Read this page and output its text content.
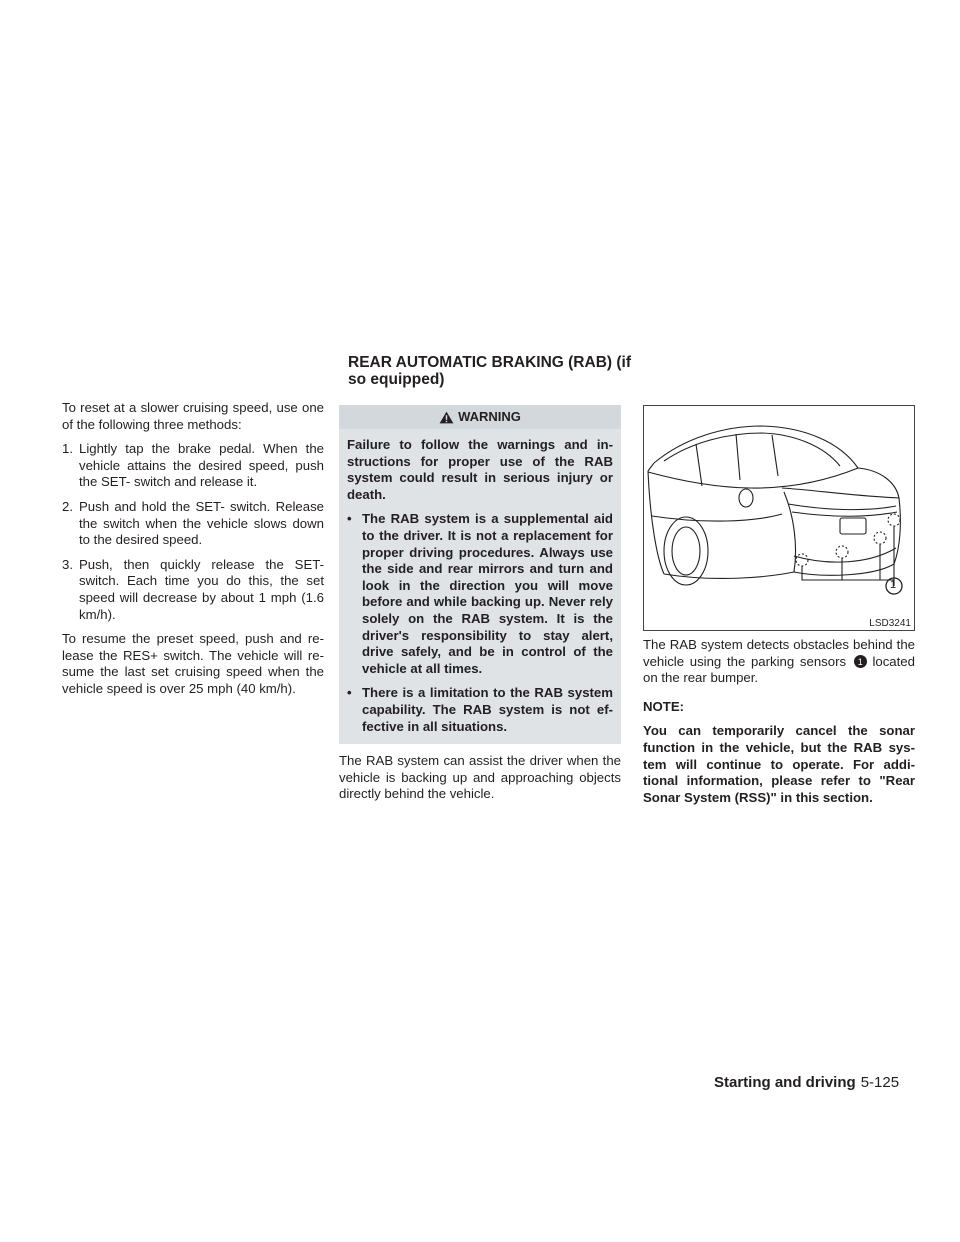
REAR AUTOMATIC BRAKING (RAB) (if so equipped)

To reset at a slower cruising speed, use one of the following three methods:

1. Lightly tap the brake pedal. When the vehicle attains the desired speed, push the SET- switch and release it.
2. Push and hold the SET- switch. Release the switch when the vehicle slows down to the desired speed.
3. Push, then quickly release the SET- switch. Each time you do this, the set speed will decrease by about 1 mph (1.6 km/h).

To resume the preset speed, push and re- lease the RES+ switch. The vehicle will re- sume the last set cruising speed when the vehicle speed is over 25 mph (40 km/h).

WARNING

Failure to follow the warnings and in- structions for proper use of the RAB system could result in serious injury or death.

• The RAB system is a supplemental aid to the driver. It is not a replacement for proper driving procedures. Always use the side and rear mirrors and turn and look in the direction you will move before and while backing up. Never rely solely on the RAB system. It is the driver's responsibility to stay alert, drive safely, and be in control of the vehicle at all times.
• There is a limitation to the RAB system capability. The RAB system is not ef- fective in all situations.

The RAB system can assist the driver when the vehicle is backing up and approaching objects directly behind the vehicle.

1
LSD3241

The RAB system detects obstacles behind the vehicle using the parking sensors 1 located on the rear bumper.

NOTE:

You can temporarily cancel the sonar function in the vehicle, but the RAB sys- tem will continue to operate. For addi- tional information, please refer to "Rear Sonar System (RSS)" in this section.

Starting and driving 5-125
